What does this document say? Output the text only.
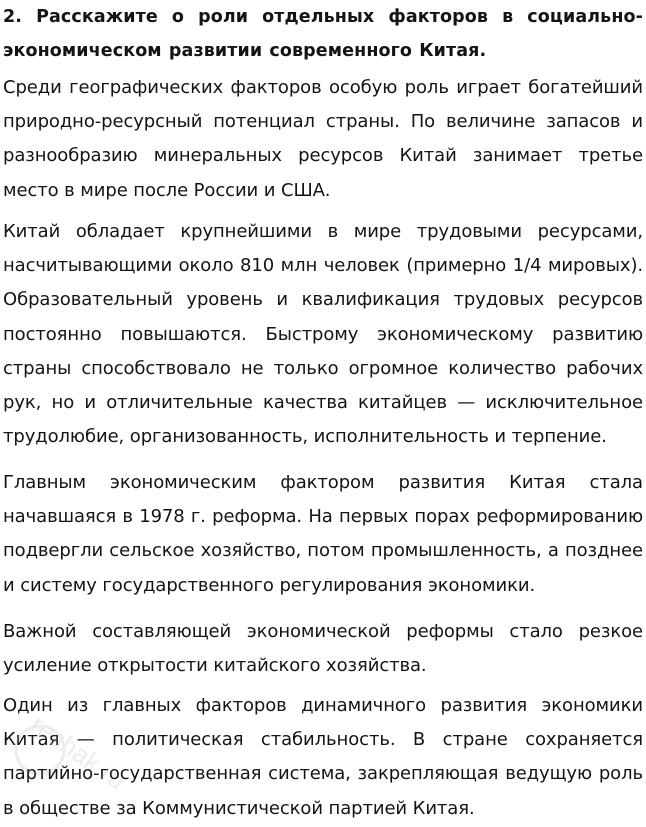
2. Расскажите о роли отдельных факторов в социально-экономическом развитии современного Китая.

Среди географических факторов особую роль играет богатейший природно-ресурсный потенциал страны. По величине запасов и разнообразию минеральных ресурсов Китай занимает третье место в мире после России и США.

Китай обладает крупнейшими в мире трудовыми ресурсами, насчитывающими около 810 млн человек (примерно 1/4 мировых). Образовательный уровень и квалификация трудовых ресурсов постоянно повышаются. Быстрому экономическому развитию страны способствовало не только огромное количество рабочих рук, но и отличительные качества китайцев — исключительное трудолюбие, организованность, исполнительность и терпение.

Главным экономическим фактором развития Китая стала начавшаяся в 1978 г. реформа. На первых порах реформированию подвергли сельское хозяйство, потом промышленность, а позднее и систему государственного регулирования экономики.

Важной составляющей экономической реформы стало резкое усиление открытости китайского хозяйства.

Один из главных факторов динамичного развития экономики Китая — политическая стабильность. В стране сохраняется партийно-государственная система, закрепляющая ведущую роль в обществе за Коммунистической партией Китая.

reshak.ru
